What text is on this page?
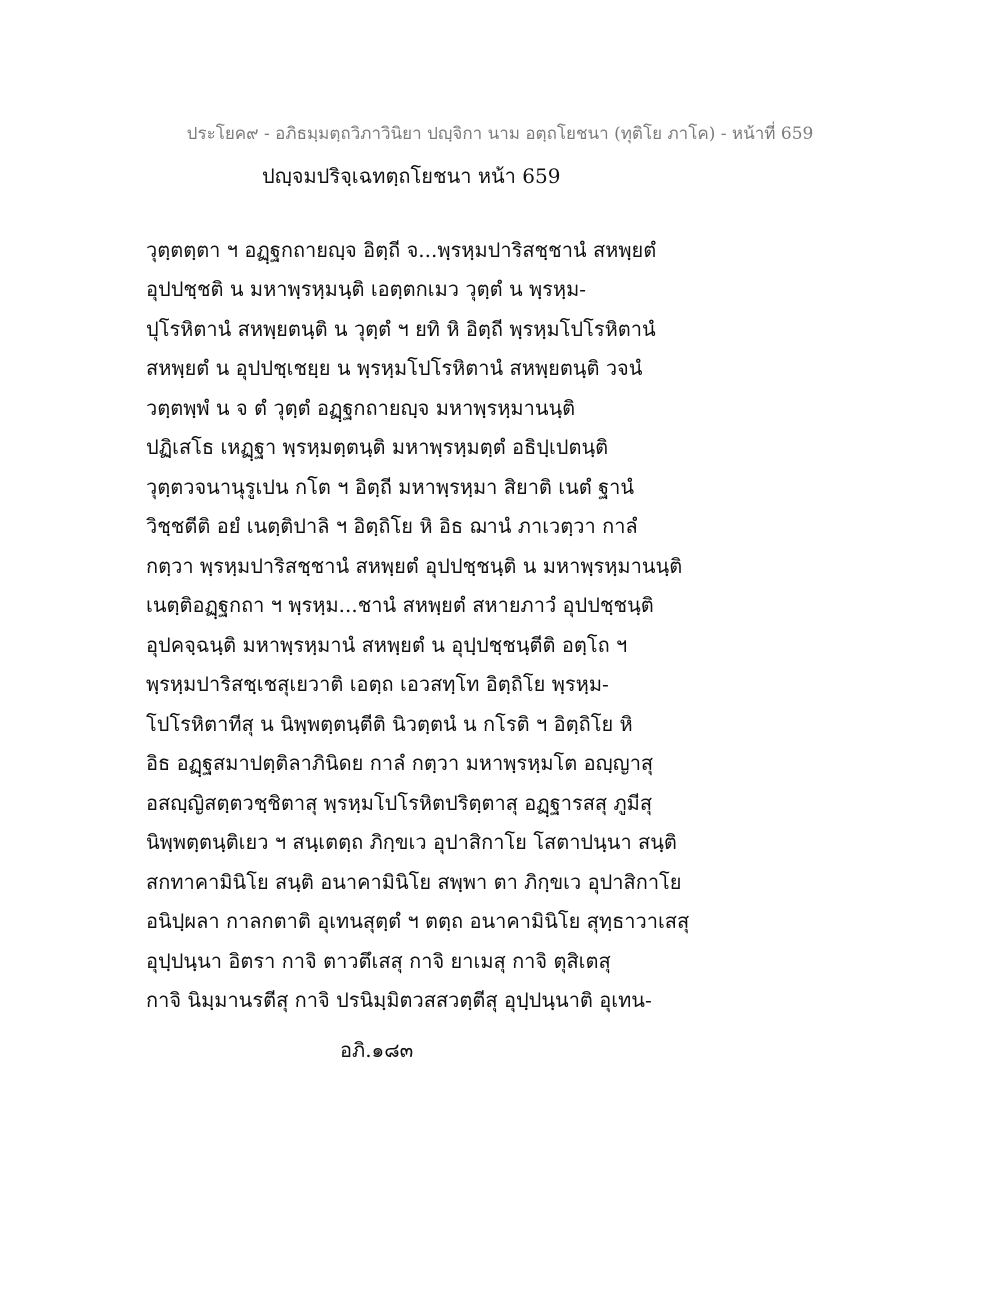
ประโยค๙ - อภิธมฺมตฺถวิภาวินิยา ปญฺจิกา นาม อตฺถโยชนา (ทุติโย ภาโค) - หน้าที่ 659
ปญฺจมปริจฺเฉทตฺถโยชนา หน้า 659
วุตฺตตฺตา ฯ อฏฺฐกถายญฺจ อิตฺถี จ...พฺรหฺมปาริสชฺชานํ สหพฺยตํ
อุปปชฺชติ น มหาพฺรหฺมนฺติ เอตฺตกเมว วุตฺตํ น พฺรหฺม-
ปุโรหิตานํ สหพฺยตนฺติ น วุตฺตํ ฯ ยทิ หิ อิตฺถี พฺรหฺมโปโรหิตานํ
สหพฺยตํ น อุปปชฺเชยฺย น พฺรหฺมโปโรหิตานํ สหพฺยตนฺติ วจนํ
วตฺตพฺพํ น จ ตํ วุตฺตํ อฏฺฐกถายญฺจ มหาพฺรหฺมานนฺติ
ปฏิเสโธ เหฏฺฐา พฺรหฺมตฺตนฺติ มหาพฺรหฺมตฺตํ อธิปฺเปตนฺติ
วุตฺตวจนานุรูเปน กโต ฯ อิตฺถี มหาพฺรหฺมา สิยาติ เนตํ ฐานํ
วิชฺชตีติ อยํ เนตฺติปาลิ ฯ อิตฺถิโย หิ อิธ ฌานํ ภาเวตฺวา กาลํ
กตฺวา พฺรหฺมปาริสชฺชานํ สหพฺยตํ อุปปชฺชนฺติ น มหาพฺรหฺมานนฺติ
เนตฺติอฏฺฐกถา ฯ พฺรหฺม...ชานํ สหพฺยตํ สหายภาวํ อุปปชฺชนฺติ
อุปคจฺฉนฺติ มหาพฺรหฺมานํ สหพฺยตํ น อุปฺปชฺชนฺตีติ อตฺโถ ฯ
พฺรหฺมปาริสชฺเชสุเยวาติ เอตฺถ เอวสทฺโท อิตฺถิโย พฺรหฺม-
โปโรหิตาทีสุ น นิพฺพตฺตนฺตีติ นิวตฺตนํ น กโรติ ฯ อิตฺถิโย หิ
อิธ อฏฺฐสมาปตฺติลาภินิดย กาลํ กตฺวา มหาพฺรหฺมโต อญฺญาสุ
อสญฺญิสตฺตวชฺชิตาสุ พฺรหฺมโปโรหิตปริตฺตาสุ อฏฺฐารสสุ ภูมีสุ
นิพฺพตฺตนฺติเยว ฯ สนฺเตตฺถ ภิกฺขเว อุปาสิกาโย โสตาปนฺนา สนฺติ
สกทาคามินิโย สนฺติ อนาคามินิโย สพฺพา ตา ภิกฺขเว อุปาสิกาโย
อนิปฺผลา กาลกตาติ อุเทนสุตฺตํ ฯ ตตฺถ อนาคามินิโย สุทฺธาวาเสสุ
อุปฺปนฺนา อิตรา กาจิ ตาวตึเสสุ กาจิ ยาเมสุ กาจิ ตุสิเตสุ
กาจิ นิมฺมานรตีสุ กาจิ ปรนิมฺมิตวสสวตฺตีสุ อุปฺปนฺนาติ อุเทน-
อภิ.๑๘๓
